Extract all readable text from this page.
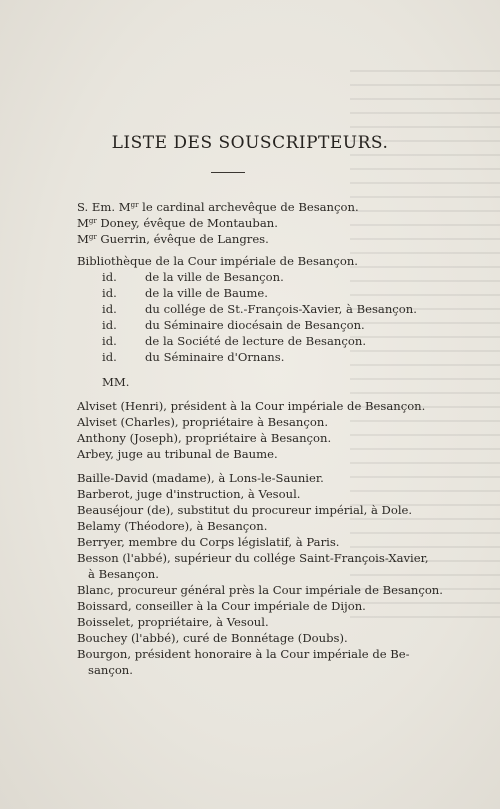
LISTE DES SOUSCRIPTEURS.
S. Em. $M^{gr}$ le cardinal archevêque de Besançon.
$M^{gr}$ Doney, évêque de Montauban.
$M^{gr}$ Guerrin, évêque de Langres.
Bibliothèque de la Cour impériale de Besançon.
id. de la ville de Besançon.
id. de la ville de Baume.
id. du collége de St.-François-Xavier, à Besançon.
id. du Séminaire diocésain de Besançon.
id. de la Société de lecture de Besançon.
id. du Séminaire d'Ornans.
MM.
Alviset (Henri), président à la Cour impériale de Besançon.
Alviset (Charles), propriétaire à Besançon.
Anthony (Joseph), propriétaire à Besançon.
Arbey, juge au tribunal de Baume.
Baille-David (madame), à Lons-le-Saunier.
Barberot, juge d'instruction, à Vesoul.
Beauséjour (de), substitut du procureur impérial, à Dole.
Belamy (Théodore), à Besançon.
Berryer, membre du Corps législatif, à Paris.
Besson (l'abbé), supérieur du collége Saint-François-Xavier,
à Besançon.
Blanc, procureur général près la Cour impériale de Besançon.
Boissard, conseiller à la Cour impériale de Dijon.
Boisselet, propriétaire, à Vesoul.
Bouchey (l'abbé), curé de Bonnétage (Doubs).
Bourgon, président honoraire à la Cour impériale de Be-
sançon.
